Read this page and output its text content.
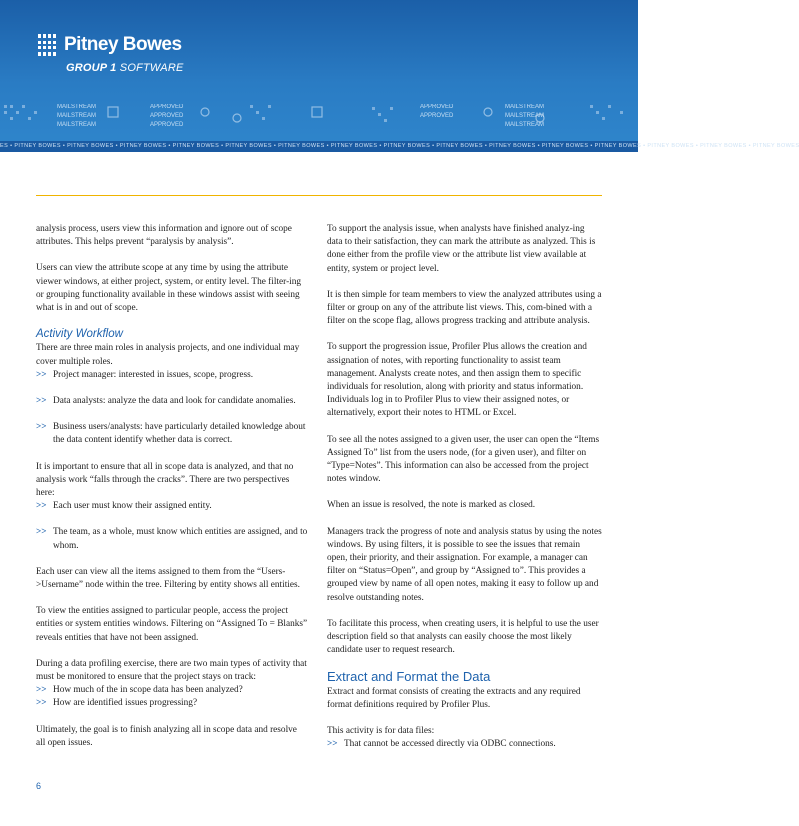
Pitney Bowes
GROUP 1 SOFTWARE
MAILSTREAM
MAILSTREAM
MAILSTREAM
APPROVED
APPROVED
APPROVED
APPROVED
APPROVED
MAILSTREAM
MAILSTREAM
MAILSTREAM
ES • PITNEY BOWES • PITNEY BOWES • PITNEY BOWES • PITNEY BOWES • PITNEY BOWES • PITNEY BOWES • PITNEY BOWES • PITNEY BOWES • PITNEY BOWES • PITNEY BOWES • PITNEY BOWES • PITNEY BOWES • PITNEY BOWES • PITNEY BOWES • PITNEY BOWES

analysis process, users view this information and ignore out of scope attributes. This helps prevent “paralysis by analysis”.

Users can view the attribute scope at any time by using the attribute viewer windows, at either project, system, or entity level. The filter-ing or grouping functionality available in these windows assist with seeing what is in and out of scope.

Activity Workflow

There are three main roles in analysis projects, and one individual may cover multiple roles.

>> Project manager: interested in issues, scope, progress.
>> Data analysts: analyze the data and look for candidate anomalies.
>> Business users/analysts: have particularly detailed knowledge about the data content identify whether data is correct.

It is important to ensure that all in scope data is analyzed, and that no analysis work “falls through the cracks”. There are two perspectives here:

>> Each user must know their assigned entity.
>> The team, as a whole, must know which entities are assigned, and to whom.

Each user can view all the items assigned to them from the “Users->Username” node within the tree. Filtering by entity shows all entities.

To view the entities assigned to particular people, access the project entities or system entities windows. Filtering on “Assigned To = Blanks” reveals entities that have not been assigned.

During a data profiling exercise, there are two main types of activity that must be monitored to ensure that the project stays on track:

>> How much of the in scope data has been analyzed?
>> How are identified issues progressing?

Ultimately, the goal is to finish analyzing all in scope data and resolve all open issues.

To support the analysis issue, when analysts have finished analyz-ing data to their satisfaction, they can mark the attribute as analyzed. This is done either from the profile view or the attribute list view available at entity, system or project level.

It is then simple for team members to view the analyzed attributes using a filter or group on any of the attribute list views. This, com-bined with a filter on the scope flag, allows progress tracking and attribute analysis.

To support the progression issue, Profiler Plus allows the creation and assignation of notes, with reporting functionality to assist team management. Analysts create notes, and then assign them to specific individuals for resolution, along with priority and status information. Individuals log in to Profiler Plus to view their assigned notes, or alternatively, export their notes to HTML or Excel.

To see all the notes assigned to a given user, the user can open the “Items Assigned To” list from the users node, (for a given user), and filter on “Type=Notes”. This information can also be accessed from the project notes window.

When an issue is resolved, the note is marked as closed.

Managers track the progress of note and analysis status by using the notes windows. By using filters, it is possible to see the issues that remain open, their priority, and their assignation. For example, a manager can filter on “Status=Open”, and group by “Assigned to”. This provides a grouped view by name of all open notes, making it easy to follow up and resolve outstanding notes.

To facilitate this process, when creating users, it is helpful to use the user description field so that analysts can easily choose the most likely candidate user to request research.

Extract and Format the Data

Extract and format consists of creating the extracts and any required format definitions required by Profiler Plus.

This activity is for data files:

>> That cannot be accessed directly via ODBC connections.
6
